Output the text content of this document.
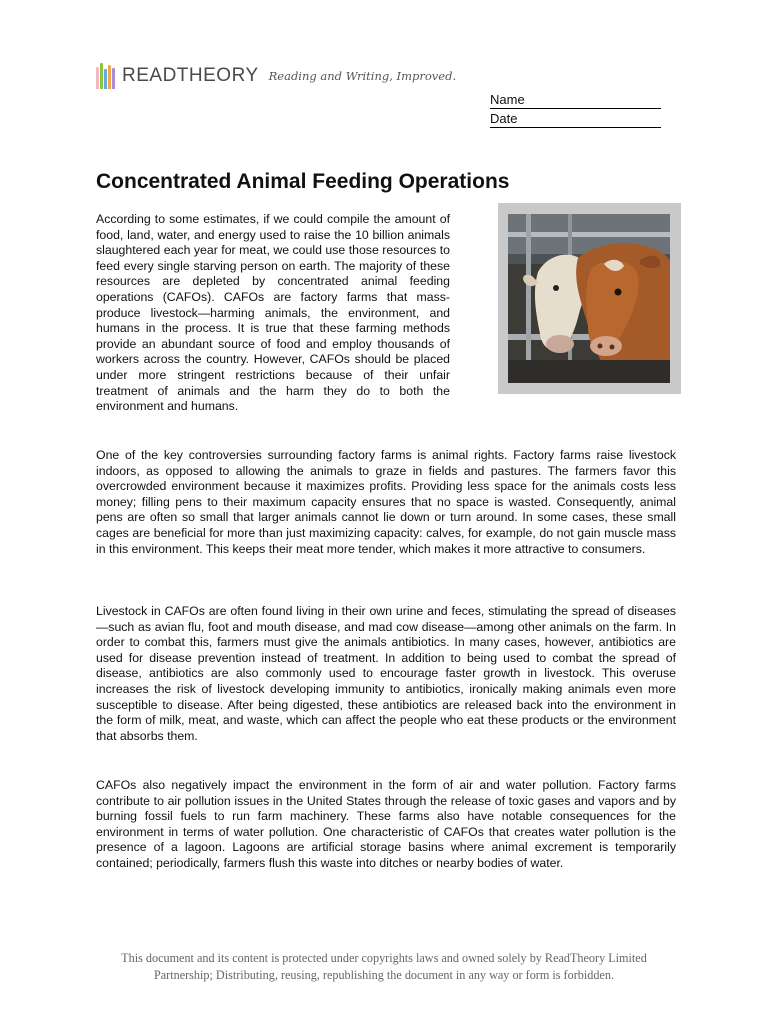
READTHEORY Reading and Writing, Improved.
Name
Date
Concentrated Animal Feeding Operations

According to some estimates, if we could compile the amount of food, land, water, and energy used to raise the 10 billion animals slaughtered each year for meat, we could use those resources to feed every single starving person on earth. The majority of these resources are depleted by concentrated animal feeding operations (CAFOs). CAFOs are factory farms that mass-produce livestock—harming animals, the environment, and humans in the process. It is true that these farming methods provide an abundant source of food and employ thousands of workers across the country. However, CAFOs should be placed under more stringent restrictions because of their unfair treatment of animals and the harm they do to both the environment and humans.

One of the key controversies surrounding factory farms is animal rights. Factory farms raise livestock indoors, as opposed to allowing the animals to graze in fields and pastures. The farmers favor this overcrowded environment because it maximizes profits. Providing less space for the animals costs less money; filling pens to their maximum capacity ensures that no space is wasted. Consequently, animal pens are often so small that larger animals cannot lie down or turn around. In some cases, these small cages are beneficial for more than just maximizing capacity: calves, for example, do not gain muscle mass in this environment. This keeps their meat more tender, which makes it more attractive to consumers.

Livestock in CAFOs are often found living in their own urine and feces, stimulating the spread of diseases—such as avian flu, foot and mouth disease, and mad cow disease—among other animals on the farm. In order to combat this, farmers must give the animals antibiotics. In many cases, however, antibiotics are used for disease prevention instead of treatment. In addition to being used to combat the spread of disease, antibiotics are also commonly used to encourage faster growth in livestock. This overuse increases the risk of livestock developing immunity to antibiotics, ironically making animals even more susceptible to disease. After being digested, these antibiotics are released back into the environment in the form of milk, meat, and waste, which can affect the people who eat these products or the environment that absorbs them.

CAFOs also negatively impact the environment in the form of air and water pollution. Factory farms contribute to air pollution issues in the United States through the release of toxic gases and vapors and by burning fossil fuels to run farm machinery. These farms also have notable consequences for the environment in terms of water pollution. One characteristic of CAFOs that creates water pollution is the presence of a lagoon. Lagoons are artificial storage basins where animal excrement is temporarily contained; periodically, farmers flush this waste into ditches or nearby bodies of water.

This document and its content is protected under copyrights laws and owned solely by ReadTheory Limited
Partnership; Distributing, reusing, republishing the document in any way or form is forbidden.
